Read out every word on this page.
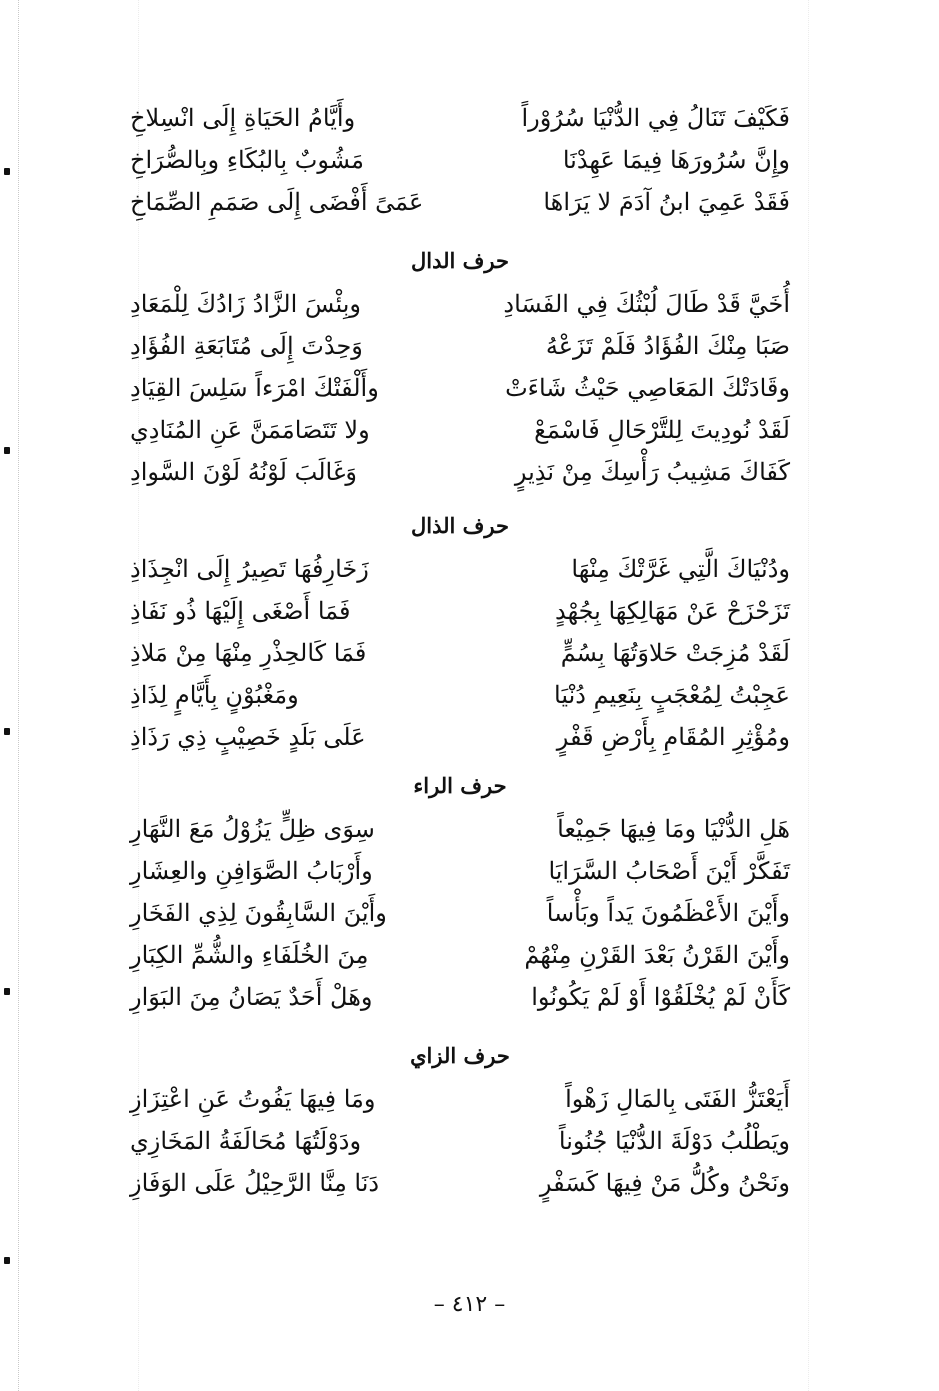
فَكَيْفَ تَنَالُ فِي الدُّنْيَا سُرُوْراً
وأَيَّامُ الحَيَاةِ إِلَى انْسِلاخِ
وإِنَّ سُرُورَهَا فِيمَا عَهِدْنَا
مَشُوبٌ بِالبُكَاءِ وبِالصُّرَاخِ
فَقَدْ عَمِيَ ابنُ آدَمَ لا يَرَاهَا
عَمَىً أَفْضَى إِلَى صَمَمِ الصِّمَاخِ
حرف الدال
أُخَيَّ قَدْ طَالَ لُبْثُكَ فِي الفَسَادِ
وبِئْسَ الزَّادُ زَادُكَ لِلْمَعَادِ
صَبَا مِنْكَ الفُؤَادُ فَلَمْ تَزَعْهُ
وَحِدْتَ إِلَى مُتَابَعَةِ الفُؤَادِ
وقَادَتْكَ المَعَاصِي حَيْثُ شَاءَتْ
وأَلْفَتْكَ امْرَءاً سَلِسَ القِيَادِ
لَقَدْ نُودِيتَ لِلتَّرْحَالِ فَاسْمَعْ
ولا تَتَصَامَمَنَّ عَنِ المُنَادِي
كَفَاكَ مَشِيبُ رَأْسِكَ مِنْ نَذِيرٍ
وَغَالَبَ لَوْنُهُ لَوْنَ السَّوادِ
حرف الذال
ودُنْيَاكَ الَّتِي غَرَّتْكَ مِنْهَا
زَخَارِفُهَا تَصِيرُ إِلَى انْجِذَاذِ
تَزَحْزَحْ عَنْ مَهَالِكِهَا بِجُهْدٍ
فَمَا أَصْغَى إِلَيْهَا ذُو نَفَاذِ
لَقَدْ مُزِجَتْ حَلاوَتُهَا بِسُمٍّ
فَمَا كَالحِذْرِ مِنْهَا مِنْ مَلاذِ
عَجِبْتُ لِمُعْجَبٍ بِنَعِيمِ دُنْيَا
ومَغْبُوْنٍ بِأَيَّامٍ لِذَاذِ
ومُؤْثِرِ المُقَامِ بِأَرْضِ قَفْرٍ
عَلَى بَلَدٍ خَصِيْبٍ ذِي رَذَاذِ
حرف الراء
هَلِ الدُّنْيَا ومَا فِيهَا جَمِيْعاً
سِوَى ظِلٍّ يَزُوْلُ مَعَ النَّهَارِ
تَفَكَّرْ أَيْنَ أَصْحَابُ السَّرَايَا
وأَرْبَابُ الصَّوَافِنِ والعِشَارِ
وأَيْنَ الأَعْظَمُونَ يَداً وبَأْساً
وأَيْنَ السَّابِقُونَ لِذِي الفَخَارِ
وأَيْنَ القَرْنُ بَعْدَ القَرْنِ مِنْهُمْ
مِنَ الخُلَفَاءِ والشُّمِّ الكِبَارِ
كَأَنْ لَمْ يُخْلَقُوْا أَوْ لَمْ يَكُونُوا
وهَلْ أَحَدٌ يَصَانُ مِنَ البَوَارِ
حرف الزاي
أَيَعْتَزُّ الفَتَى بِالمَالِ زَهْواً
ومَا فِيهَا يَفُوتُ عَنِ اعْتِزَازِ
ويَطْلُبُ دَوْلَةَ الدُّنْيَا جُنُوناً
ودَوْلَتُهَا مُحَالَفَةُ المَخَازِي
ونَحْنُ وكُلُّ مَنْ فِيهَا كَسَفْرٍ
دَنَا مِنَّا الرَّحِيْلُ عَلَى الوَفَازِ
– ٤١٢ –
